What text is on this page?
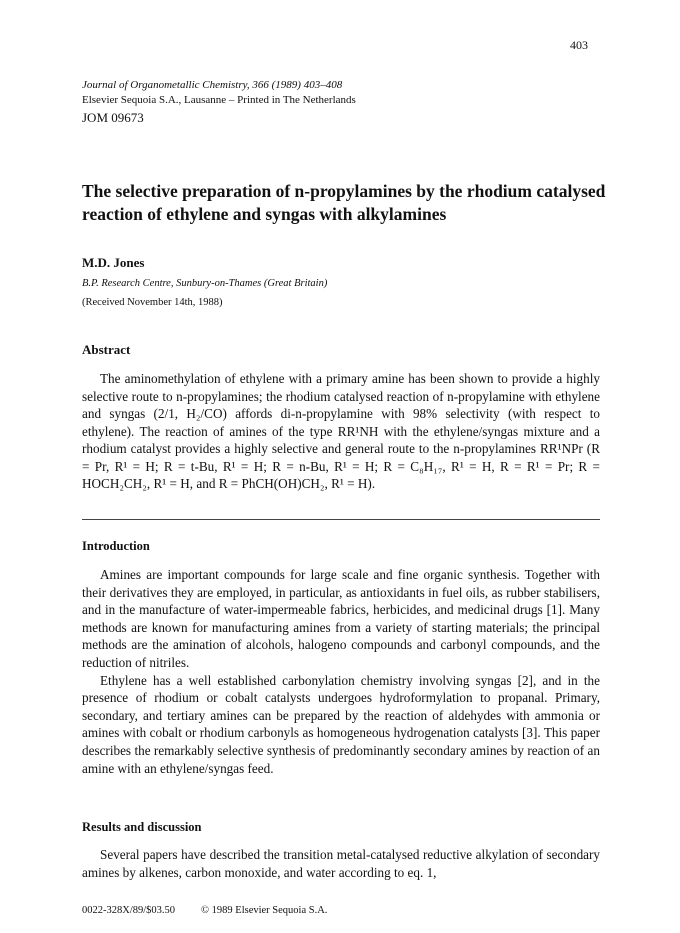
403
Journal of Organometallic Chemistry, 366 (1989) 403–408
Elsevier Sequoia S.A., Lausanne – Printed in The Netherlands
JOM 09673
The selective preparation of n-propylamines by the rhodium catalysed reaction of ethylene and syngas with alkylamines
M.D. Jones
B.P. Research Centre, Sunbury-on-Thames (Great Britain)
(Received November 14th, 1988)
Abstract
The aminomethylation of ethylene with a primary amine has been shown to provide a highly selective route to n-propylamines; the rhodium catalysed reaction of n-propylamine with ethylene and syngas (2/1, H₂/CO) affords di-n-propylamine with 98% selectivity (with respect to ethylene). The reaction of amines of the type RR¹NH with the ethylene/syngas mixture and a rhodium catalyst provides a highly selective and general route to the n-propylamines RR¹NPr (R = Pr, R¹ = H; R = t-Bu, R¹ = H; R = n-Bu, R¹ = H; R = C₈H₁₇, R¹ = H, R = R¹ = Pr; R = HOCH₂CH₂, R¹ = H, and R = PhCH(OH)CH₂, R¹ = H).
Introduction

Amines are important compounds for large scale and fine organic synthesis. Together with their derivatives they are employed, in particular, as antioxidants in fuel oils, as rubber stabilisers, and in the manufacture of water-impermeable fabrics, herbicides, and medicinal drugs [1]. Many methods are known for manufacturing amines from a variety of starting materials; the principal methods are the amination of alcohols, halogeno compounds and carbonyl compounds, and the reduction of nitriles.

Ethylene has a well established carbonylation chemistry involving syngas [2], and in the presence of rhodium or cobalt catalysts undergoes hydroformylation to propanal. Primary, secondary, and tertiary amines can be prepared by the reaction of aldehydes with ammonia or amines with cobalt or rhodium carbonyls as homogeneous hydrogenation catalysts [3]. This paper describes the remarkably selective synthesis of predominantly secondary amines by reaction of an amine with an ethylene/syngas feed.

Results and discussion

Several papers have described the transition metal-catalysed reductive alkylation of secondary amines by alkenes, carbon monoxide, and water according to eq. 1,

0022-328X/89/$03.50 © 1989 Elsevier Sequoia S.A.
